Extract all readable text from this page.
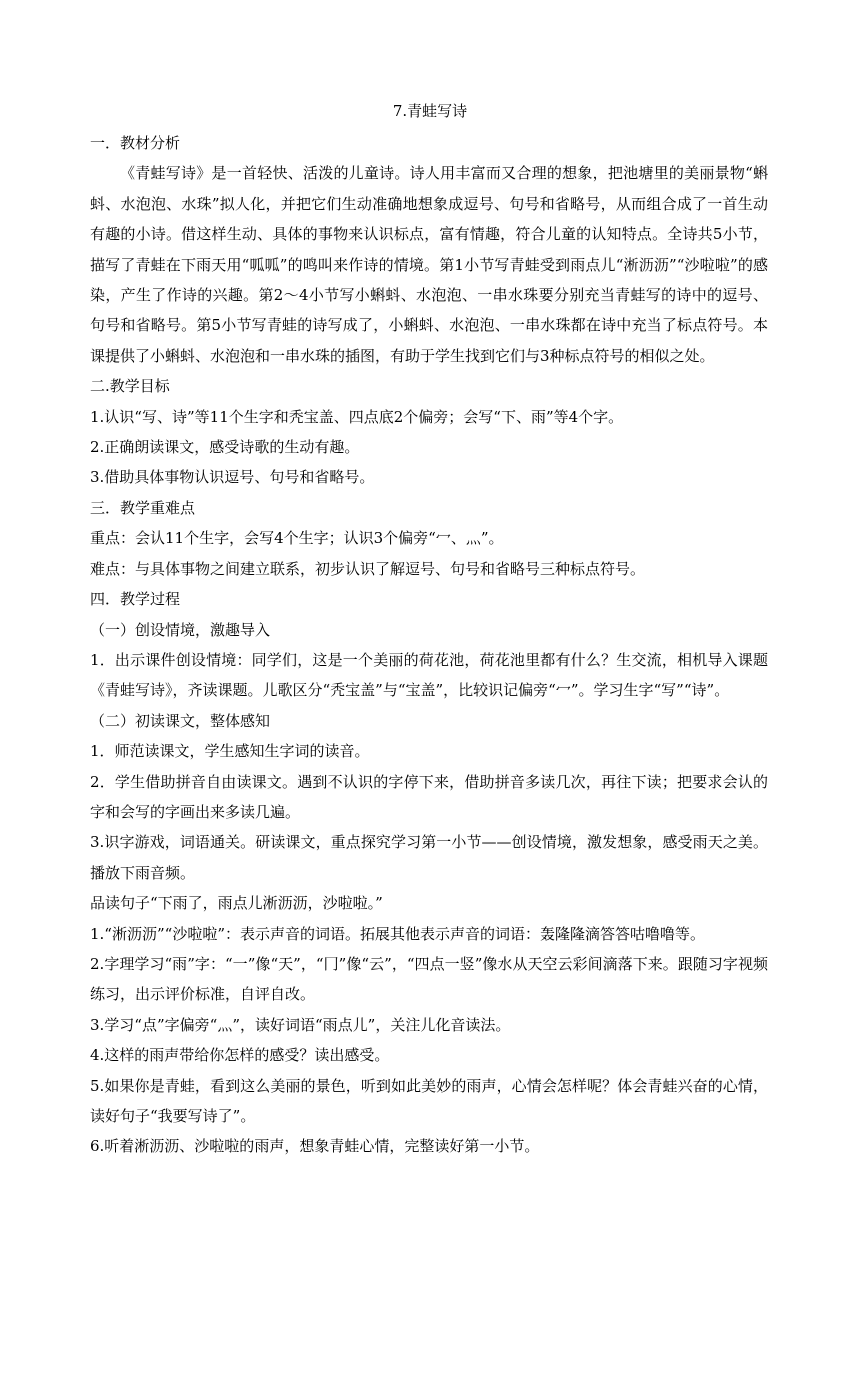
7.青蛙写诗

一．教材分析

《青蛙写诗》是一首轻快、活泼的儿童诗。诗人用丰富而又合理的想象，把池塘里的美丽景物“蝌蚪、水泡泡、水珠”拟人化，并把它们生动准确地想象成逗号、句号和省略号，从而组合成了一首生动有趣的小诗。借这样生动、具体的事物来认识标点，富有情趣，符合儿童的认知特点。全诗共5小节，描写了青蛙在下雨天用“呱呱”的鸣叫来作诗的情境。第1小节写青蛙受到雨点儿“淅沥沥”“沙啦啦”的感染，产生了作诗的兴趣。第2～4小节写小蝌蚪、水泡泡、一串水珠要分别充当青蛙写的诗中的逗号、句号和省略号。第5小节写青蛙的诗写成了，小蝌蚪、水泡泡、一串水珠都在诗中充当了标点符号。本课提供了小蝌蚪、水泡泡和一串水珠的插图，有助于学生找到它们与3种标点符号的相似之处。

二.教学目标

1.认识“写、诗”等11个生字和秃宝盖、四点底2个偏旁；会写“下、雨”等4个字。

2.正确朗读课文，感受诗歌的生动有趣。

3.借助具体事物认识逗号、句号和省略号。

三．教学重难点

重点：会认11个生字，会写4个生字；认识3个偏旁“冖、灬”。

难点：与具体事物之间建立联系，初步认识了解逗号、句号和省略号三种标点符号。

四．教学过程

（一）创设情境，激趣导入

1．出示课件创设情境：同学们，这是一个美丽的荷花池，荷花池里都有什么？生交流，相机导入课题《青蛙写诗》，齐读课题。儿歌区分“秃宝盖”与“宝盖”，比较识记偏旁“冖”。学习生字“写”“诗”。

（二）初读课文，整体感知

1．师范读课文，学生感知生字词的读音。

2．学生借助拼音自由读课文。遇到不认识的字停下来，借助拼音多读几次，再往下读；把要求会认的字和会写的字画出来多读几遍。

3.识字游戏，词语通关。研读课文，重点探究学习第一小节——创设情境，激发想象，感受雨天之美。播放下雨音频。

品读句子“下雨了，雨点儿淅沥沥，沙啦啦。”

1.“淅沥沥”“沙啦啦”：表示声音的词语。拓展其他表示声音的词语：轰隆隆滴答答咕噜噜等。

2.字理学习“雨”字：“一”像“天”，“冂”像“云”，“四点一竖”像水从天空云彩间滴落下来。跟随习字视频练习，出示评价标准，自评自改。

3.学习“点”字偏旁“灬”，读好词语“雨点儿”，关注儿化音读法。

4.这样的雨声带给你怎样的感受？读出感受。

5.如果你是青蛙，看到这么美丽的景色，听到如此美妙的雨声，心情会怎样呢？体会青蛙兴奋的心情，读好句子“我要写诗了”。

6.听着淅沥沥、沙啦啦的雨声，想象青蛙心情，完整读好第一小节。
